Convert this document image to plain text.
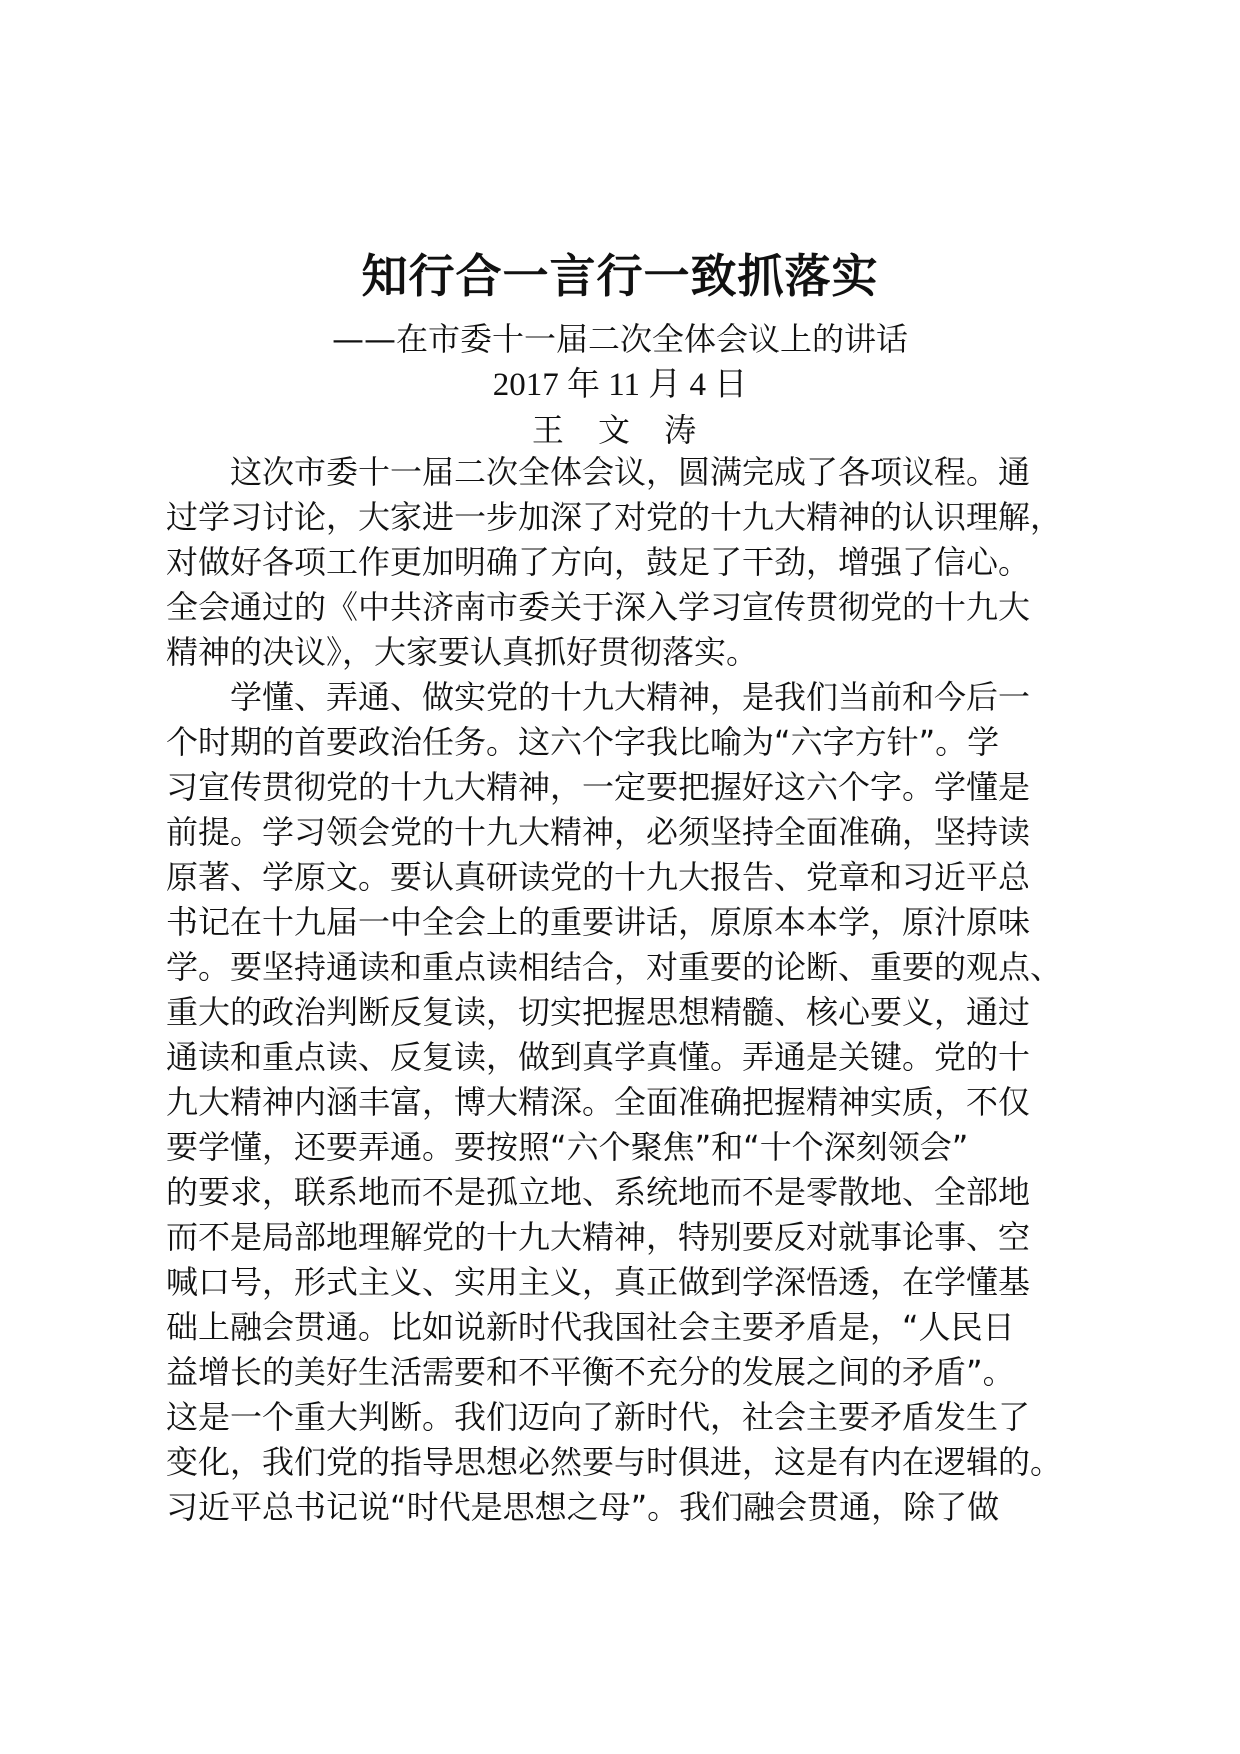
知行合一言行一致抓落实
——在市委十一届二次全体会议上的讲话
2017 年 11 月 4 日
王 文 涛
这次市委十一届二次全体会议，圆满完成了各项议程。通
过学习讨论，大家进一步加深了对党的十九大精神的认识理解，
对做好各项工作更加明确了方向，鼓足了干劲，增强了信心。
全会通过的《中共济南市委关于深入学习宣传贯彻党的十九大
精神的决议》，大家要认真抓好贯彻落实。
学懂、弄通、做实党的十九大精神，是我们当前和今后一
个时期的首要政治任务。这六个字我比喻为“六字方针”。学
习宣传贯彻党的十九大精神，一定要把握好这六个字。学懂是
前提。学习领会党的十九大精神，必须坚持全面准确，坚持读
原著、学原文。要认真研读党的十九大报告、党章和习近平总
书记在十九届一中全会上的重要讲话，原原本本学，原汁原味
学。要坚持通读和重点读相结合，对重要的论断、重要的观点、
重大的政治判断反复读，切实把握思想精髓、核心要义，通过
通读和重点读、反复读，做到真学真懂。弄通是关键。党的十
九大精神内涵丰富，博大精深。全面准确把握精神实质，不仅
要学懂，还要弄通。要按照“六个聚焦”和“十个深刻领会”
的要求，联系地而不是孤立地、系统地而不是零散地、全部地
而不是局部地理解党的十九大精神，特别要反对就事论事、空
喊口号，形式主义、实用主义，真正做到学深悟透，在学懂基
础上融会贯通。比如说新时代我国社会主要矛盾是，“人民日
益增长的美好生活需要和不平衡不充分的发展之间的矛盾”。
这是一个重大判断。我们迈向了新时代，社会主要矛盾发生了
变化，我们党的指导思想必然要与时俱进，这是有内在逻辑的。
习近平总书记说“时代是思想之母”。我们融会贯通，除了做
